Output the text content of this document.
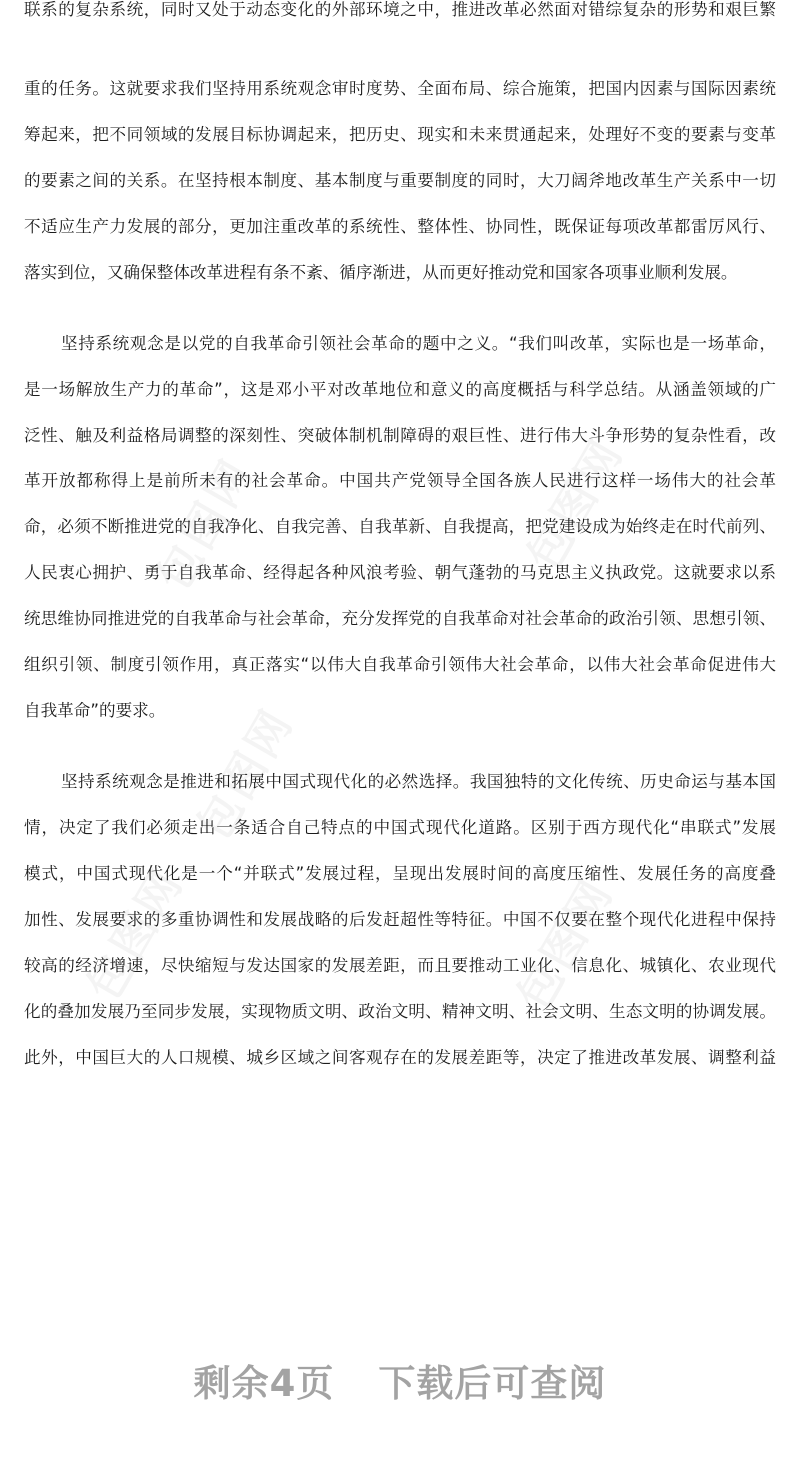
联系的复杂系统，同时又处于动态变化的外部环境之中，推进改革必然面对错综复杂的形势和艰巨繁
重的任务。这就要求我们坚持用系统观念审时度势、全面布局、综合施策，把国内因素与国际因素统
筹起来，把不同领域的发展目标协调起来，把历史、现实和未来贯通起来，处理好不变的要素与变革
的要素之间的关系。在坚持根本制度、基本制度与重要制度的同时，大刀阔斧地改革生产关系中一切
不适应生产力发展的部分，更加注重改革的系统性、整体性、协同性，既保证每项改革都雷厉风行、
落实到位，又确保整体改革进程有条不紊、循序渐进，从而更好推动党和国家各项事业顺利发展。
坚持系统观念是以党的自我革命引领社会革命的题中之义。“我们叫改革，实际也是一场革命，
是一场解放生产力的革命”，这是邓小平对改革地位和意义的高度概括与科学总结。从涵盖领域的广
泛性、触及利益格局调整的深刻性、突破体制机制障碍的艰巨性、进行伟大斗争形势的复杂性看，改
革开放都称得上是前所未有的社会革命。中国共产党领导全国各族人民进行这样一场伟大的社会革
命，必须不断推进党的自我净化、自我完善、自我革新、自我提高，把党建设成为始终走在时代前列、
人民衷心拥护、勇于自我革命、经得起各种风浪考验、朝气蓬勃的马克思主义执政党。这就要求以系
统思维协同推进党的自我革命与社会革命，充分发挥党的自我革命对社会革命的政治引领、思想引领、
组织引领、制度引领作用，真正落实“以伟大自我革命引领伟大社会革命，以伟大社会革命促进伟大
自我革命”的要求。
坚持系统观念是推进和拓展中国式现代化的必然选择。我国独特的文化传统、历史命运与基本国
情，决定了我们必须走出一条适合自己特点的中国式现代化道路。区别于西方现代化“串联式”发展
模式，中国式现代化是一个“并联式”发展过程，呈现出发展时间的高度压缩性、发展任务的高度叠
加性、发展要求的多重协调性和发展战略的后发赶超性等特征。中国不仅要在整个现代化进程中保持
较高的经济增速，尽快缩短与发达国家的发展差距，而且要推动工业化、信息化、城镇化、农业现代
化的叠加发展乃至同步发展，实现物质文明、政治文明、精神文明、社会文明、生态文明的协调发展。
此外，中国巨大的人口规模、城乡区域之间客观存在的发展差距等，决定了推进改革发展、调整利益
剩余4页 下载后可查阅
